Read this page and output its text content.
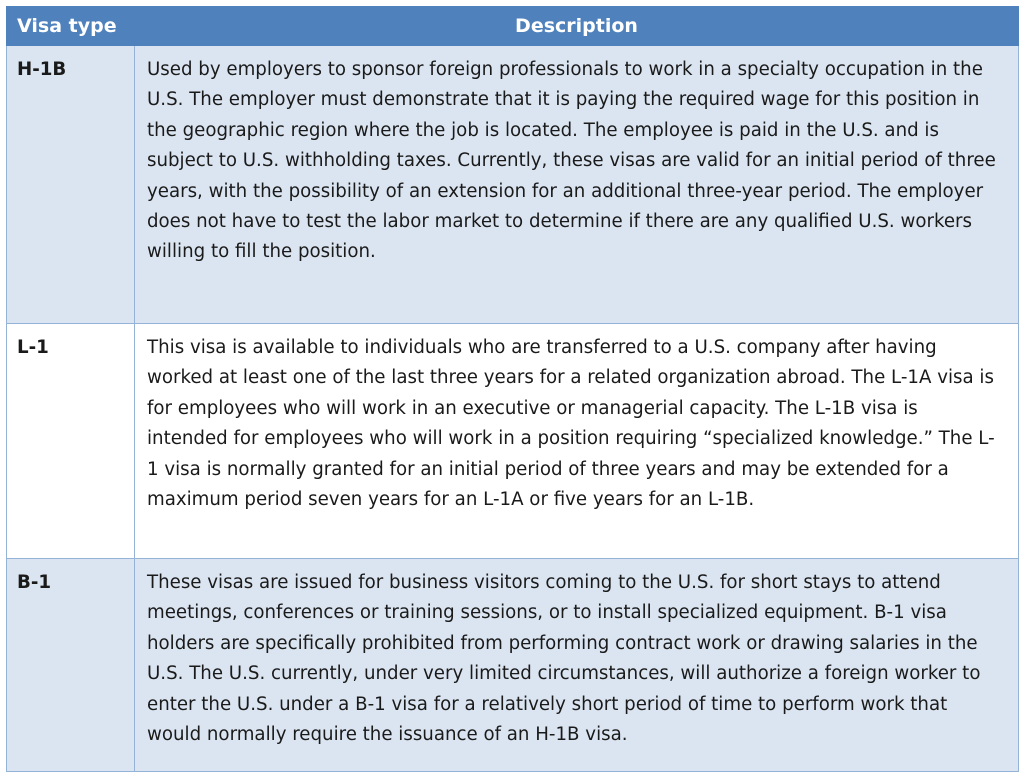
Visa type	Description
H-1B	Used by employers to sponsor foreign professionals to work in a specialty occupation in the U.S. The employer must demonstrate that it is paying the required wage for this position in the geographic region where the job is located. The employee is paid in the U.S. and is subject to U.S. withholding taxes. Currently, these visas are valid for an initial period of three years, with the possibility of an extension for an additional three-year period. The employer does not have to test the labor market to determine if there are any qualified U.S. workers willing to fill the position.
L-1	This visa is available to individuals who are transferred to a U.S. company after having worked at least one of the last three years for a related organization abroad. The L-1A visa is for employees who will work in an executive or managerial capacity. The L-1B visa is intended for employees who will work in a position requiring “specialized knowledge.” The L-1 visa is normally granted for an initial period of three years and may be extended for a maximum period seven years for an L-1A or five years for an L-1B.
B-1	These visas are issued for business visitors coming to the U.S. for short stays to attend meetings, conferences or training sessions, or to install specialized equipment. B-1 visa holders are specifically prohibited from performing contract work or drawing salaries in the U.S. The U.S. currently, under very limited circumstances, will authorize a foreign worker to enter the U.S. under a B-1 visa for a relatively short period of time to perform work that would normally require the issuance of an H-1B visa.
